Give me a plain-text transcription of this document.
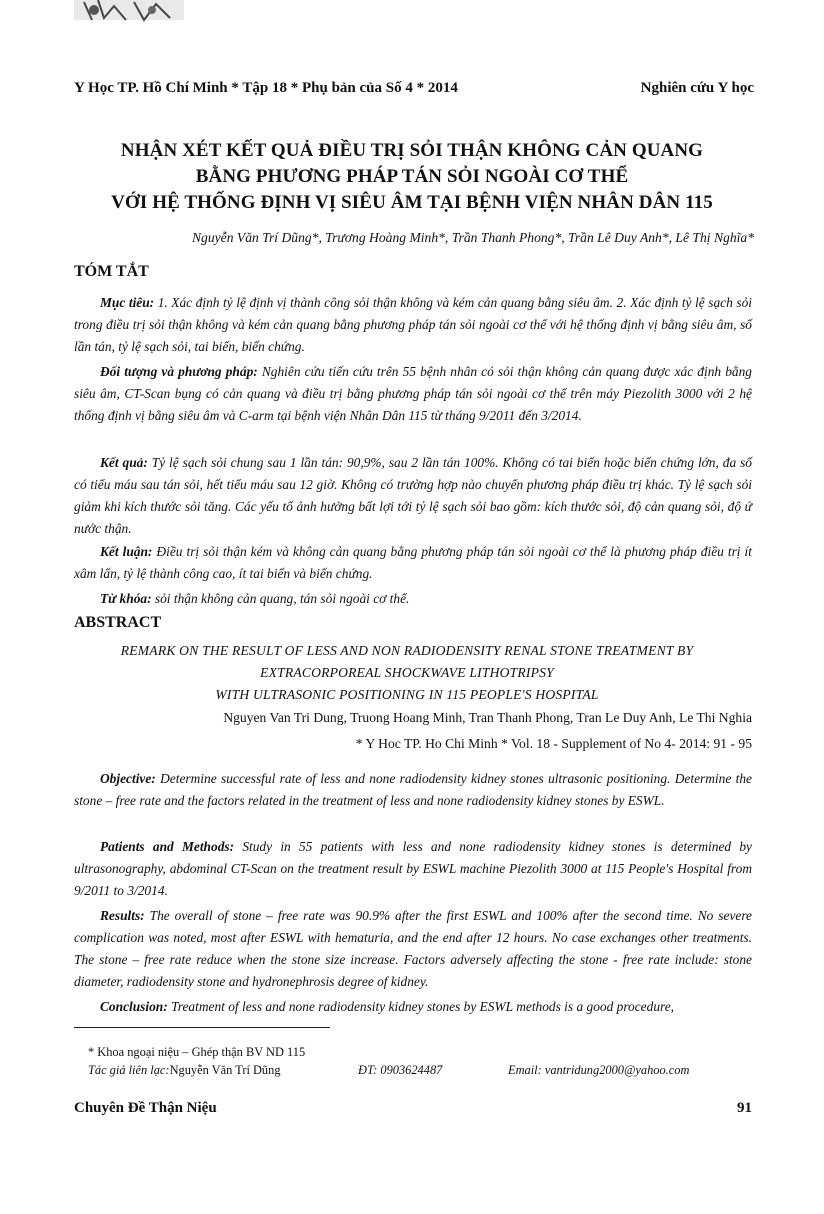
Y Học TP. Hồ Chí Minh * Tập 18 * Phụ bản của Số 4 * 2014	Nghiên cứu Y học
NHẬN XÉT KẾT QUẢ ĐIỀU TRỊ SỎI THẬN KHÔNG CẢN QUANG
BẰNG PHƯƠNG PHÁP TÁN SỎI NGOÀI CƠ THỂ
VỚI HỆ THỐNG ĐỊNH VỊ SIÊU ÂM TẠI BỆNH VIỆN NHÂN DÂN 115
Nguyễn Văn Trí Dũng*, Trương Hoàng Minh*, Trần Thanh Phong*, Trần Lê Duy Anh*, Lê Thị Nghĩa*
TÓM TẮT
Mục tiêu: 1. Xác định tỷ lệ định vị thành công sỏi thận không và kém cản quang bằng siêu âm. 2. Xác định tỷ lệ sạch sỏi trong điều trị sỏi thận không và kém cản quang bằng phương pháp tán sỏi ngoài cơ thể với hệ thống định vị bằng siêu âm, số lần tán, tỷ lệ sạch sỏi, tai biến, biến chứng.
Đối tượng và phương pháp: Nghiên cứu tiến cứu trên 55 bệnh nhân có sỏi thận không cản quang được xác định bằng siêu âm, CT-Scan bụng có cản quang và điều trị bằng phương pháp tán sỏi ngoài cơ thể trên máy Piezolith 3000 với 2 hệ thống định vị bằng siêu âm và C-arm tại bệnh viện Nhân Dân 115 từ tháng 9/2011 đến 3/2014.
Kết quả: Tỷ lệ sạch sỏi chung sau 1 lần tán: 90,9%, sau 2 lần tán 100%. Không có tai biến hoặc biến chứng lớn, đa số có tiểu máu sau tán sỏi, hết tiểu máu sau 12 giờ. Không có trường hợp nào chuyển phương pháp điều trị khác. Tỷ lệ sạch sỏi giảm khi kích thước sỏi tăng. Các yếu tố ảnh hưởng bất lợi tới tỷ lệ sạch sỏi bao gồm: kích thước sỏi, độ cản quang sỏi, độ ứ nước thận.
Kết luận: Điều trị sỏi thận kém và không cản quang bằng phương pháp tán sỏi ngoài cơ thể là phương pháp điều trị ít xâm lấn, tỷ lệ thành công cao, ít tai biến và biến chứng.
Từ khóa: sỏi thận không cản quang, tán sỏi ngoài cơ thể.
ABSTRACT
REMARK ON THE RESULT OF LESS AND NON RADIODENSITY RENAL STONE TREATMENT BY
EXTRACORPOREAL SHOCKWAVE LITHOTRIPSY
WITH ULTRASONIC POSITIONING IN 115 PEOPLE'S HOSPITAL
Nguyen Van Tri Dung, Truong Hoang Minh, Tran Thanh Phong, Tran Le Duy Anh, Le Thi Nghia
* Y Hoc TP. Ho Chi Minh * Vol. 18 - Supplement of No 4- 2014: 91 - 95
Objective: Determine successful rate of less and none radiodensity kidney stones ultrasonic positioning. Determine the stone – free rate and the factors related in the treatment of less and none radiodensity kidney stones by ESWL.
Patients and Methods: Study in 55 patients with less and none radiodensity kidney stones is determined by ultrasonography, abdominal CT-Scan on the treatment result by ESWL machine Piezolith 3000 at 115 People's Hospital from 9/2011 to 3/2014.
Results: The overall of stone – free rate was 90.9% after the first ESWL and 100% after the second time. No severe complication was noted, most after ESWL with hematuria, and the end after 12 hours. No case exchanges other treatments. The stone – free rate reduce when the stone size increase. Factors adversely affecting the stone - free rate include: stone diameter, radiodensity stone and hydronephrosis degree of kidney.
Conclusion: Treatment of less and none radiodensity kidney stones by ESWL methods is a good procedure,
* Khoa ngoại niệu – Ghép thận BV ND 115
Tác giả liên lạc:Nguyễn Văn Trí Dũng	ĐT: 0903624487	Email: vantridung2000@yahoo.com
Chuyên Đề Thận Niệu	91
